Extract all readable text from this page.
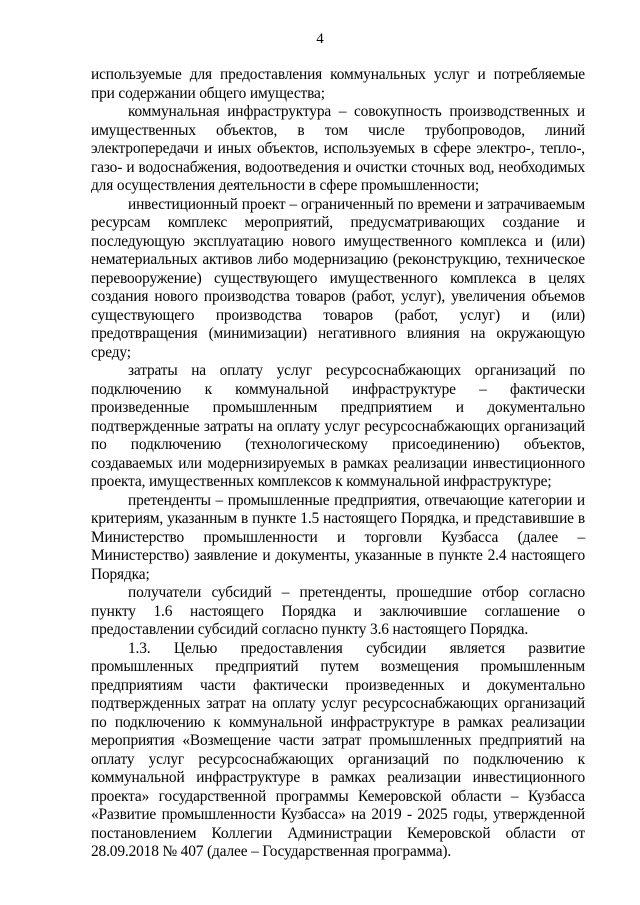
4

используемые для предоставления коммунальных услуг и потребляемые при содержании общего имущества;

коммунальная инфраструктура – совокупность производственных и имущественных объектов, в том числе трубопроводов, линий электропередачи и иных объектов, используемых в сфере электро-, тепло-, газо- и водоснабжения, водоотведения и очистки сточных вод, необходимых для осуществления деятельности в сфере промышленности;

инвестиционный проект – ограниченный по времени и затрачиваемым ресурсам комплекс мероприятий, предусматривающих создание и последующую эксплуатацию нового имущественного комплекса и (или) нематериальных активов либо модернизацию (реконструкцию, техническое перевооружение) существующего имущественного комплекса в целях создания нового производства товаров (работ, услуг), увеличения объемов существующего производства товаров (работ, услуг) и (или) предотвращения (минимизации) негативного влияния на окружающую среду;

затраты на оплату услуг ресурсоснабжающих организаций по подключению к коммунальной инфраструктуре – фактически произведенные промышленным предприятием и документально подтвержденные затраты на оплату услуг ресурсоснабжающих организаций по подключению (технологическому присоединению) объектов, создаваемых или модернизируемых в рамках реализации инвестиционного проекта, имущественных комплексов к коммунальной инфраструктуре;

претенденты – промышленные предприятия, отвечающие категории и критериям, указанным в пункте 1.5 настоящего Порядка, и представившие в Министерство промышленности и торговли Кузбасса (далее – Министерство) заявление и документы, указанные в пункте 2.4 настоящего Порядка;

получатели субсидий – претенденты, прошедшие отбор согласно пункту 1.6 настоящего Порядка и заключившие соглашение о предоставлении субсидий согласно пункту 3.6 настоящего Порядка.

1.3. Целью предоставления субсидии является развитие промышленных предприятий путем возмещения промышленным предприятиям части фактически произведенных и документально подтвержденных затрат на оплату услуг ресурсоснабжающих организаций по подключению к коммунальной инфраструктуре в рамках реализации мероприятия «Возмещение части затрат промышленных предприятий на оплату услуг ресурсоснабжающих организаций по подключению к коммунальной инфраструктуре в рамках реализации инвестиционного проекта» государственной программы Кемеровской области – Кузбасса «Развитие промышленности Кузбасса» на 2019 - 2025 годы, утвержденной постановлением Коллегии Администрации Кемеровской области от 28.09.2018 № 407 (далее – Государственная программа).
